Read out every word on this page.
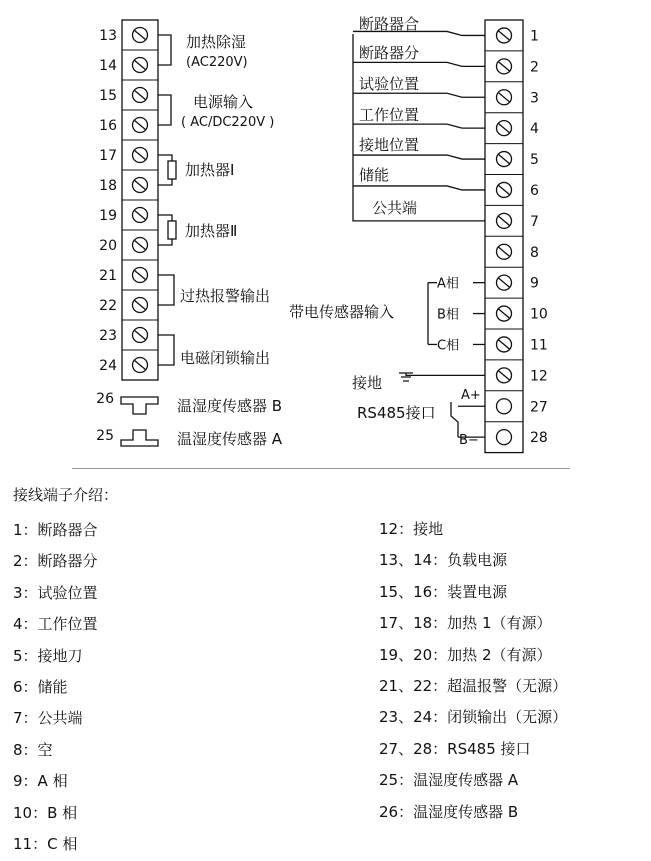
13
14
15
16
17
18
19
20
21
22
23
24
1
2
3
4
5
6
7
8
9
10
11
12
27
28
加热除湿
(AC220V)
电源输入
( AC/DC220V )
加热器Ⅰ
加热器Ⅱ
过热报警输出
电磁闭锁输出
26	温湿度传感器 B
25	温湿度传感器 A
断路器合
断路器分
试验位置
工作位置
接地位置
储能
公共端
A相
B相
C相
带电传感器输入
接地
RS485接口
A+
B−
接线端子介绍：
1：断路器合
2：断路器分
3：试验位置
4：工作位置
5：接地刀
6：储能
7：公共端
8：空
9：A 相
10：B 相
11：C 相
12：接地
13、14：负载电源
15、16：装置电源
17、18：加热 1（有源）
19、20：加热 2（有源）
21、22：超温报警（无源）
23、24：闭锁输出（无源）
27、28：RS485 接口
25：温湿度传感器 A
26：温湿度传感器 B
